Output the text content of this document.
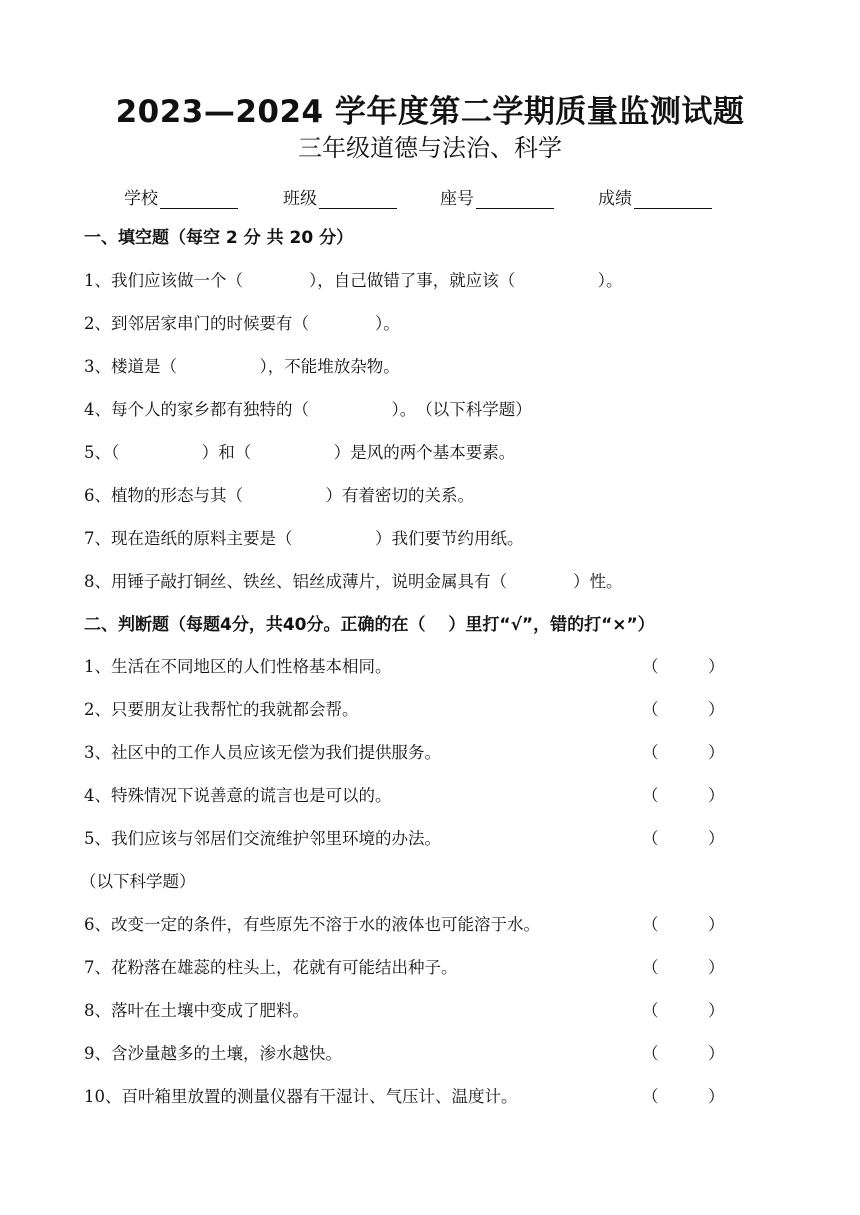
2023—2024 学年度第二学期质量监测试题
三年级道德与法治、科学
学校	班级	座号	成绩
一、填空题（每空 2 分 共 20 分）
1、我们应该做一个（　　　　），自己做错了事，就应该（　　　　　）。
2、到邻居家串门的时候要有（　　　　）。
3、楼道是（　　　　　），不能堆放杂物。
4、每个人的家乡都有独特的（　　　　　）。　（以下科学题）
5、（　　　　　）和（　　　　　）是风的两个基本要素。
6、植物的形态与其（　　　　　）有着密切的关系。
7、现在造纸的原料主要是（　　　　　）我们要节约用纸。
8、用锤子敲打铜丝、铁丝、铝丝成薄片，说明金属具有（　　　　）性。
二、判断题（每题4分，共40分。正确的在（　 ）里打“√”，错的打“×”）
1、生活在不同地区的人们性格基本相同。	（　　　）
2、只要朋友让我帮忙的我就都会帮。	（　　　）
3、社区中的工作人员应该无偿为我们提供服务。	（　　　）
4、特殊情况下说善意的谎言也是可以的。	（　　　）
5、我们应该与邻居们交流维护邻里环境的办法。	（　　　）
（以下科学题）
6、改变一定的条件，有些原先不溶于水的液体也可能溶于水。	（　　　）
7、花粉落在雄蕊的柱头上，花就有可能结出种子。	（　　　）
8、落叶在土壤中变成了肥料。	（　　　）
9、含沙量越多的土壤，渗水越快。	（　　　）
10、百叶箱里放置的测量仪器有干湿计、气压计、温度计。	（　　　）
